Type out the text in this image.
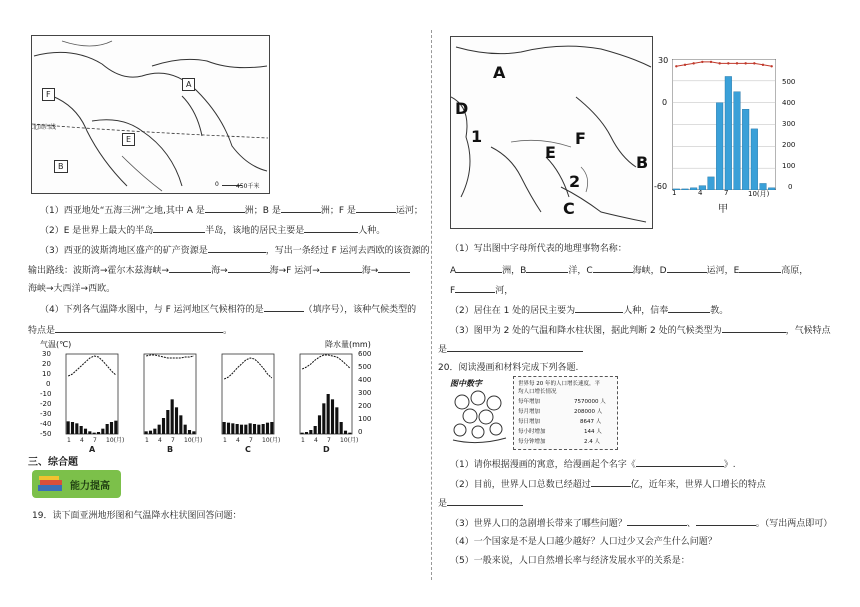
A
B
E
F
北回归线
0	450千米
（1）西亚地处“五海三洲”之地,其中 A 是	洲；B 是	洲；F 是	运河；
（2）E 是世界上最大的半岛	半岛，该地的居民主要是	人种。
（3）西亚的波斯湾地区盛产的矿产资源是	，写出一条经过 F 运河去西欧的该资源的
输出路线：波斯湾→霍尔木兹海峡→	海→	海→F 运河→	海→
海峡→大西洋→西欧。
（4）下列各气温降水图中，与 F 运河地区气候相符的是	（填序号），该种气候类型的
特点是	。
气温(℃)	降水量(mm)
30
20
10
0
-10
-20
-30
-40
-50
600
500
400
300
200
100
0
1 4 7 10(月)
A
1 4 7 10(月)
B
1 4 7 10(月)
C
1 4 7 10(月)
D
三、综合题
能力提高
19．读下面亚洲地形图和气温降水柱状图回答问题：
A
D
1	F
E
B
2
C
30
0
-60
500
400
300
200
100
0
1	4	7	10(月)
甲
（1）写出图中字母所代表的地理事物名称：
A	洲，B	洋，C	海峡，D	运河，E	高原，
F	河，
（2）居住在 1 处的居民主要为	人种，信奉	教。
（3）图甲为 2 处的气温和降水柱状图，据此判断 2 处的气候类型为	，气候特点
是
20．阅读漫画和材料完成下列各题.
图中数字	世界每 20 年的人口增长速度，平
均人口增长情况
每年增加	7570000 人
每月增加	208000 人
每日增加	8647 人
每小时增加	144 人
每分钟增加	2.4 人
（1）请你根据漫画的寓意，给漫画起个名字《	》.
（2）目前，世界人口总数已经超过	亿，近年来，世界人口增长的特点
是
（3）世界人口的急剧增长带来了哪些问题？	、	。（写出两点即可）
（4）一个国家是不是人口越少越好？人口过少又会产生什么问题？
（5）一般来说，人口自然增长率与经济发展水平的关系是：
